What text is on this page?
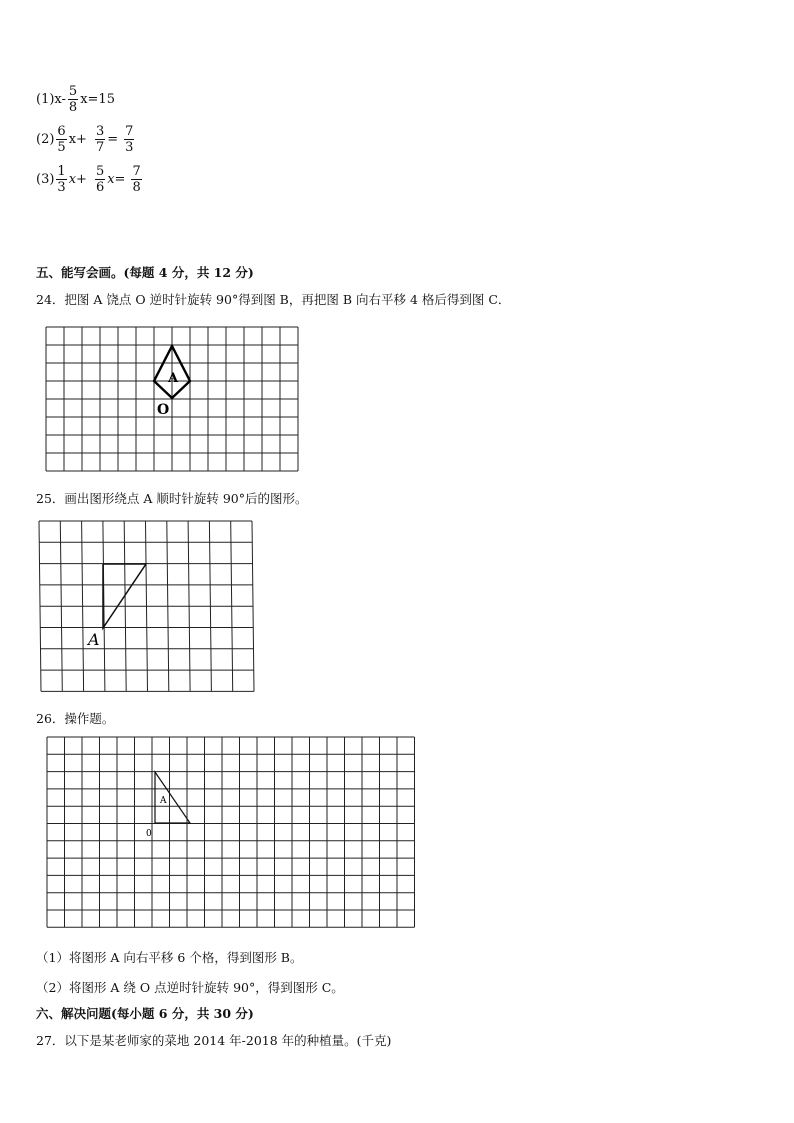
$(1)x- \frac{5}{8} x=15$
$(2) \frac{6}{5} x+ \frac{3}{7} = \frac{7}{3}$
$(3) \frac{1}{3} x+ \frac{5}{6} x= \frac{7}{8}$
五、能写会画。(每题 4 分，共 12 分)
24．把图 A 饶点 O 逆时针旋转 90°得到图 B，再把图 B 向右平移 4 格后得到图 C．
A
O
25．画出图形绕点 A 顺时针旋转 90°后的图形。
A
26．操作题。
A
0
（1）将图形 A 向右平移 6 个格，得到图形 B。
（2）将图形 A 绕 O 点逆时针旋转 90°，得到图形 C。
六、解决问题(每小题 6 分，共 30 分)
27．以下是某老师家的菜地 2014 年-2018 年的种植量。(千克)
